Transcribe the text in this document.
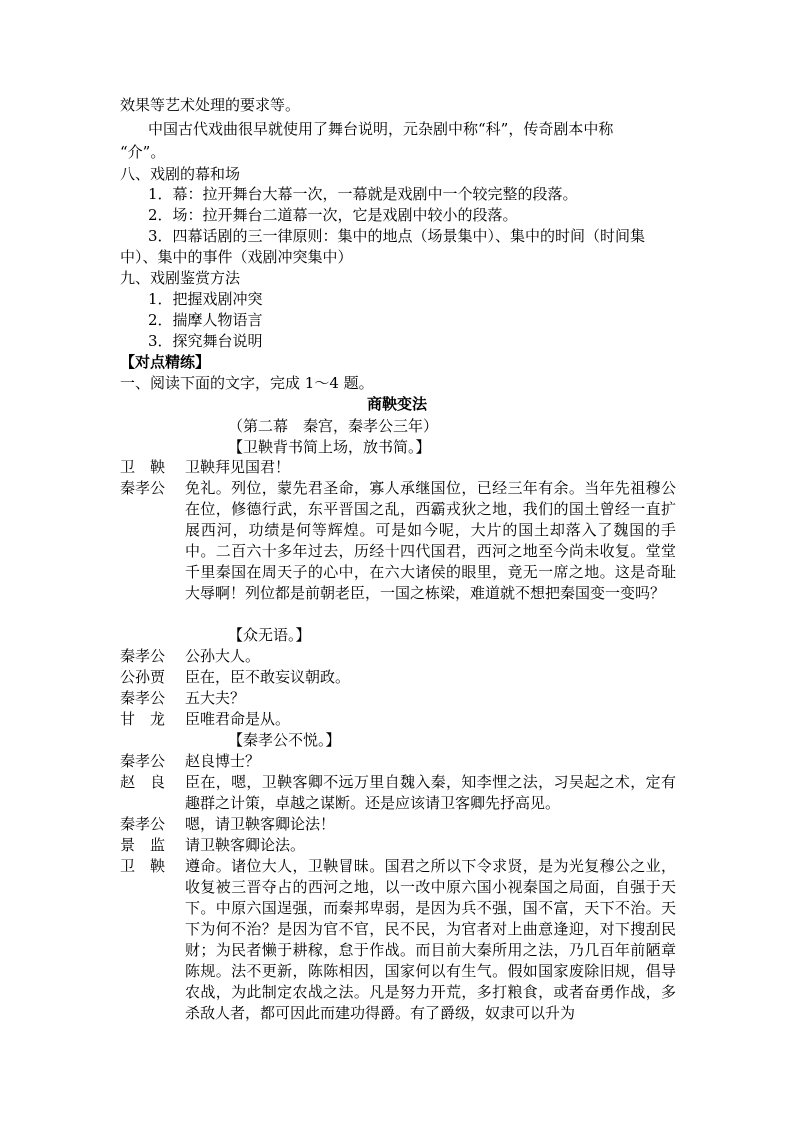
效果等艺术处理的要求等。
中国古代戏曲很早就使用了舞台说明，元杂剧中称“科”，传奇剧本中称
“介”。
八、戏剧的幕和场
1．幕：拉开舞台大幕一次，一幕就是戏剧中一个较完整的段落。
2．场：拉开舞台二道幕一次，它是戏剧中较小的段落。
3．四幕话剧的三一律原则：集中的地点（场景集中）、集中的时间（时间集
中）、集中的事件（戏剧冲突集中）
九、戏剧鉴赏方法
1．把握戏剧冲突
2．揣摩人物语言
3．探究舞台说明
【对点精练】
一、阅读下面的文字，完成 1～4 题。
商鞅变法
（第二幕　秦宫，秦孝公三年）
【卫鞅背书简上场，放书简。】
卫　鞅 卫鞅拜见国君！
秦孝公 免礼。列位，蒙先君圣命，寡人承继国位，已经三年有余。当年先祖穆公在位，修德行武，东平晋国之乱，西霸戎狄之地，我们的国土曾经一直扩展西河，功绩是何等辉煌。可是如今呢，大片的国土却落入了魏国的手中。二百六十多年过去，历经十四代国君，西河之地至今尚未收复。堂堂千里秦国在周天子的心中，在六大诸侯的眼里，竟无一席之地。这是奇耻大辱啊！列位都是前朝老臣，一国之栋梁，难道就不想把秦国变一变吗？
【众无语。】
秦孝公 公孙大人。
公孙贾 臣在，臣不敢妄议朝政。
秦孝公 五大夫？
甘　龙 臣唯君命是从。
【秦孝公不悦。】
秦孝公 赵良博士？
赵　良 臣在，嗯，卫鞅客卿不远万里自魏入秦，知李悝之法，习吴起之术，定有趣群之计策，卓越之谋断。还是应该请卫客卿先抒高见。
秦孝公 嗯，请卫鞅客卿论法！
景　监 请卫鞅客卿论法。
卫　鞅 遵命。诸位大人，卫鞅冒昧。国君之所以下令求贤，是为光复穆公之业，收复被三晋夺占的西河之地，以一改中原六国小视秦国之局面，自强于天下。中原六国逞强，而秦邦卑弱，是因为兵不强，国不富，天下不治。天下为何不治？是因为官不官，民不民，为官者对上曲意逢迎，对下搜刮民财；为民者懒于耕稼，怠于作战。而目前大秦所用之法，乃几百年前陋章陈规。法不更新，陈陈相因，国家何以有生气。假如国家废除旧规，倡导农战，为此制定农战之法。凡是努力开荒，多打粮食，或者奋勇作战，多杀敌人者，都可因此而建功得爵。有了爵级，奴隶可以升为
